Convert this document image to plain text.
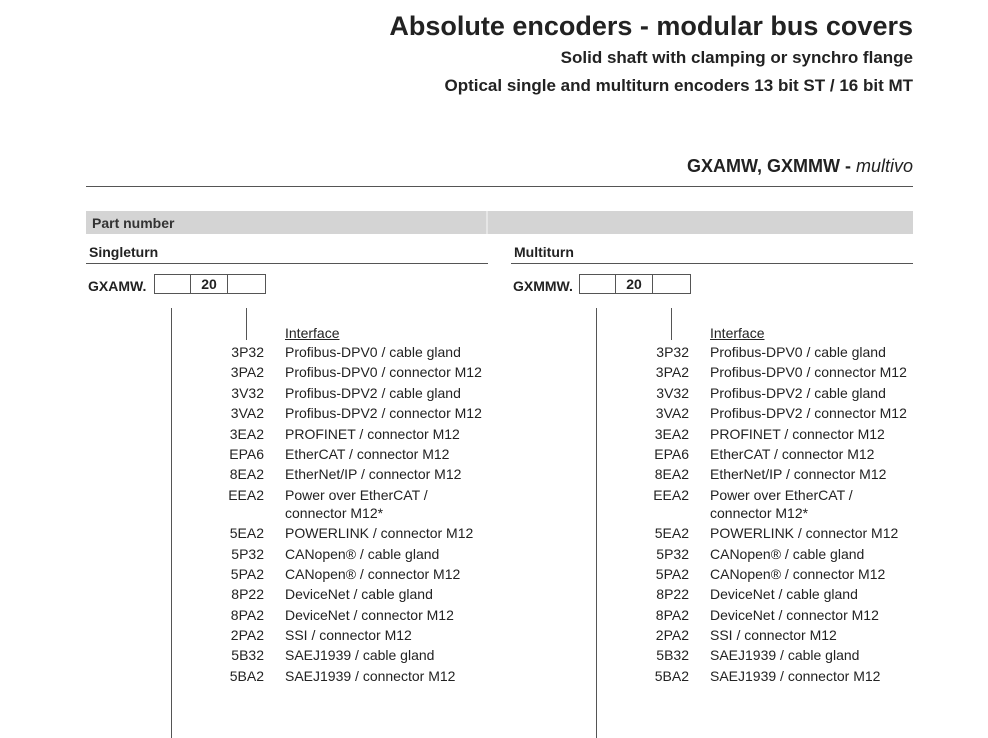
Absolute encoders - modular bus covers
Solid shaft with clamping or synchro flange
Optical single and multiturn encoders 13 bit ST / 16 bit MT
GXAMW, GXMMW - multivo
Part number
Singleturn
GXAMW.	20
Interface
3P32	Profibus-DPV0 / cable gland
3PA2	Profibus-DPV0 / connector M12
3V32	Profibus-DPV2 / cable gland
3VA2	Profibus-DPV2 / connector M12
3EA2	PROFINET / connector M12
EPA6	EtherCAT / connector M12
8EA2	EtherNet/IP / connector M12
EEA2	Power over EtherCAT / connector M12*
5EA2	POWERLINK / connector M12
5P32	CANopen® / cable gland
5PA2	CANopen® / connector M12
8P22	DeviceNet / cable gland
8PA2	DeviceNet / connector M12
2PA2	SSI / connector M12
5B32	SAEJ1939 / cable gland
5BA2	SAEJ1939 / connector M12
Multiturn
GXMMW.	20
Interface
3P32	Profibus-DPV0 / cable gland
3PA2	Profibus-DPV0 / connector M12
3V32	Profibus-DPV2 / cable gland
3VA2	Profibus-DPV2 / connector M12
3EA2	PROFINET / connector M12
EPA6	EtherCAT / connector M12
8EA2	EtherNet/IP / connector M12
EEA2	Power over EtherCAT / connector M12*
5EA2	POWERLINK / connector M12
5P32	CANopen® / cable gland
5PA2	CANopen® / connector M12
8P22	DeviceNet / cable gland
8PA2	DeviceNet / connector M12
2PA2	SSI / connector M12
5B32	SAEJ1939 / cable gland
5BA2	SAEJ1939 / connector M12
